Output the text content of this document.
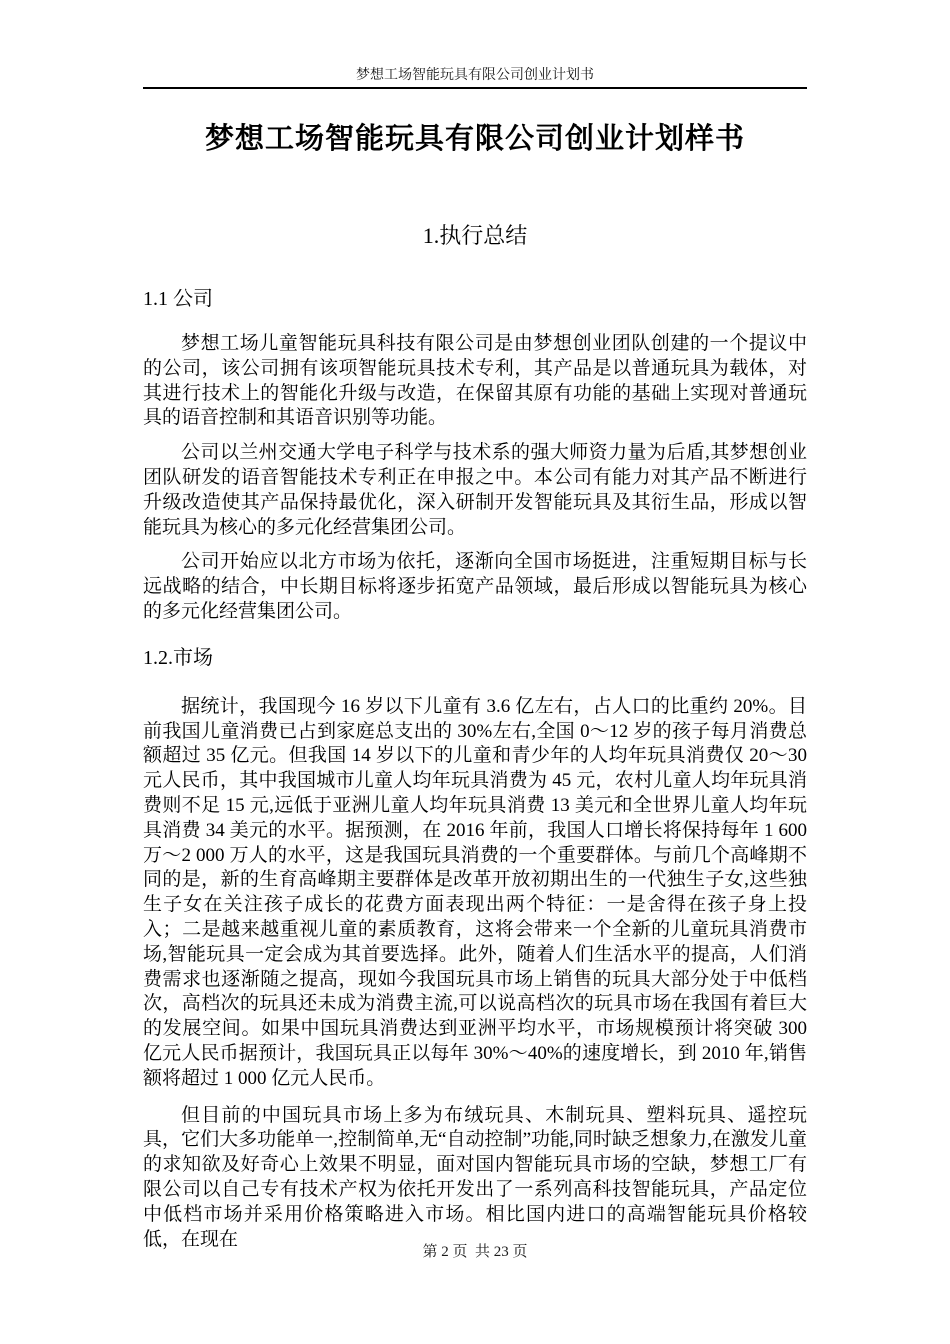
梦想工场智能玩具有限公司创业计划书
梦想工场智能玩具有限公司创业计划样书
1.执行总结
1.1 公司

梦想工场儿童智能玩具科技有限公司是由梦想创业团队创建的一个提议中的公司，该公司拥有该项智能玩具技术专利，其产品是以普通玩具为载体，对其进行技术上的智能化升级与改造，在保留其原有功能的基础上实现对普通玩具的语音控制和其语音识别等功能。

公司以兰州交通大学电子科学与技术系的强大师资力量为后盾,其梦想创业团队研发的语音智能技术专利正在申报之中。本公司有能力对其产品不断进行升级改造使其产品保持最优化，深入研制开发智能玩具及其衍生品，形成以智能玩具为核心的多元化经营集团公司。

公司开始应以北方市场为依托，逐渐向全国市场挺进，注重短期目标与长远战略的结合，中长期目标将逐步拓宽产品领域，最后形成以智能玩具为核心的多元化经营集团公司。

1.2.市场

据统计，我国现今 16 岁以下儿童有 3.6 亿左右，占人口的比重约 20%。目前我国儿童消费已占到家庭总支出的 30%左右,全国 0～12 岁的孩子每月消费总额超过 35 亿元。但我国 14 岁以下的儿童和青少年的人均年玩具消费仅 20～30 元人民币，其中我国城市儿童人均年玩具消费为 45 元，农村儿童人均年玩具消费则不足 15 元,远低于亚洲儿童人均年玩具消费 13 美元和全世界儿童人均年玩具消费 34 美元的水平。据预测，在 2016 年前，我国人口增长将保持每年 1 600 万～2 000 万人的水平，这是我国玩具消费的一个重要群体。与前几个高峰期不同的是，新的生育高峰期主要群体是改革开放初期出生的一代独生子女,这些独生子女在关注孩子成长的花费方面表现出两个特征：一是舍得在孩子身上投入；二是越来越重视儿童的素质教育，这将会带来一个全新的儿童玩具消费市场,智能玩具一定会成为其首要选择。此外，随着人们生活水平的提高，人们消费需求也逐渐随之提高，现如今我国玩具市场上销售的玩具大部分处于中低档次，高档次的玩具还未成为消费主流,可以说高档次的玩具市场在我国有着巨大的发展空间。如果中国玩具消费达到亚洲平均水平，市场规模预计将突破 300 亿元人民币据预计，我国玩具正以每年 30%～40%的速度增长，到 2010 年,销售额将超过 1 000 亿元人民币。

但目前的中国玩具市场上多为布绒玩具、木制玩具、塑料玩具、遥控玩具，它们大多功能单一,控制简单,无“自动控制”功能,同时缺乏想象力,在激发儿童的求知欲及好奇心上效果不明显，面对国内智能玩具市场的空缺，梦想工厂有限公司以自己专有技术产权为依托开发出了一系列高科技智能玩具，产品定位中低档市场并采用价格策略进入市场。相比国内进口的高端智能玩具价格较低，在现在

第 2 页  共 23 页
